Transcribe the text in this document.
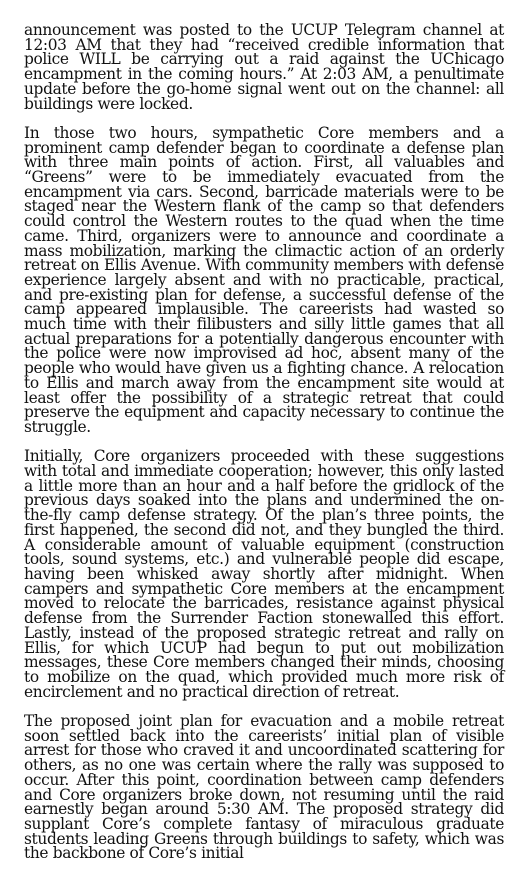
announcement was posted to the UCUP Telegram channel at 12:03 AM that they had “received credible information that police WILL be carrying out a raid against the UChicago encampment in the coming hours.” At 2:03 AM, a penultimate update before the go-home signal went out on the channel: all buildings were locked.

In those two hours, sympathetic Core members and a prominent camp defender began to coordinate a defense plan with three main points of action. First, all valuables and “Greens” were to be immediately evacuated from the encampment via cars. Second, barricade materials were to be staged near the Western flank of the camp so that defenders could control the Western routes to the quad when the time came. Third, organizers were to announce and coordinate a mass mobilization, marking the climactic action of an orderly retreat on Ellis Avenue. With community members with defense experience largely absent and with no practicable, practical, and pre-existing plan for defense, a successful defense of the camp appeared implausible. The careerists had wasted so much time with their filibusters and silly little games that all actual preparations for a potentially dangerous encounter with the police were now improvised ad hoc, absent many of the people who would have given us a fighting chance. A relocation to Ellis and march away from the encampment site would at least offer the possibility of a strategic retreat that could preserve the equipment and capacity necessary to continue the struggle.

Initially, Core organizers proceeded with these suggestions with total and immediate cooperation; however, this only lasted a little more than an hour and a half before the gridlock of the previous days soaked into the plans and undermined the on-the-fly camp defense strategy. Of the plan’s three points, the first happened, the second did not, and they bungled the third. A considerable amount of valuable equipment (construction tools, sound systems, etc.) and vulnerable people did escape, having been whisked away shortly after midnight. When campers and sympathetic Core members at the encampment moved to relocate the barricades, resistance against physical defense from the Surrender Faction stonewalled this effort. Lastly, instead of the proposed strategic retreat and rally on Ellis, for which UCUP had begun to put out mobilization messages, these Core members changed their minds, choosing to mobilize on the quad, which provided much more risk of encirclement and no practical direction of retreat.

The proposed joint plan for evacuation and a mobile retreat soon settled back into the careerists’ initial plan of visible arrest for those who craved it and uncoordinated scattering for others, as no one was certain where the rally was supposed to occur. After this point, coordination between camp defenders and Core organizers broke down, not resuming until the raid earnestly began around 5:30 AM. The proposed strategy did supplant Core’s complete fantasy of miraculous graduate students leading Greens through buildings to safety, which was the backbone of Core’s initial
